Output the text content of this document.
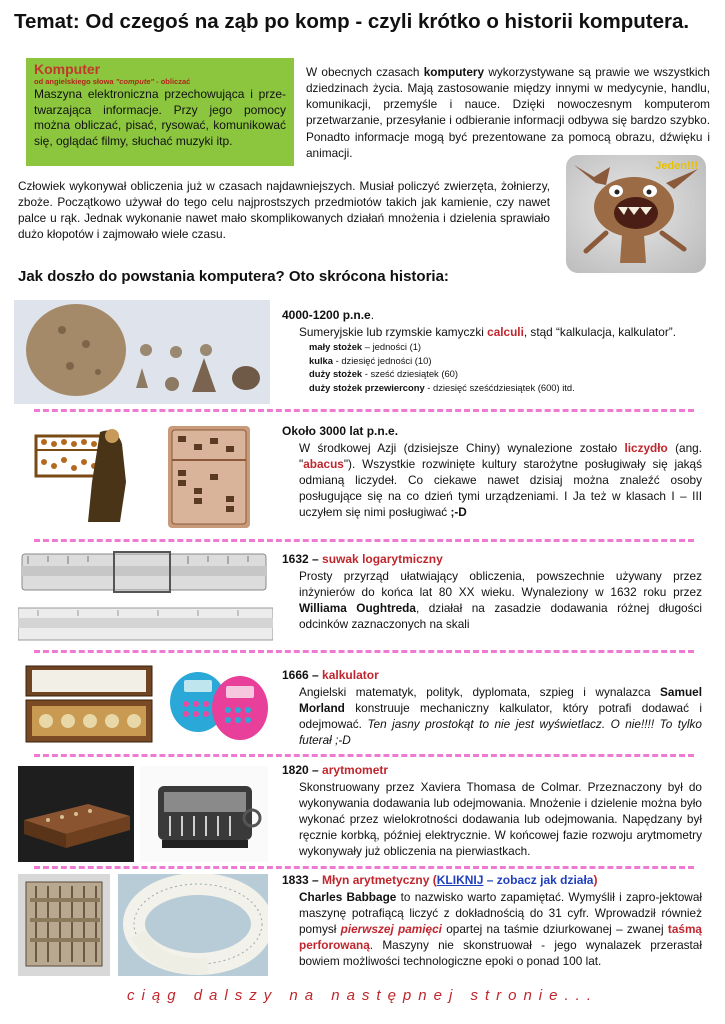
Temat: Od czegoś na ząb po komp - czyli krótko o historii komputera.
Komputer
od angielskiego słowa "compute" - obliczać
Maszyna elektroniczna przechowująca i prze-twarzająca informacje. Przy jego pomocy można obliczać, pisać, rysować, komunikować się, oglądać filmy, słuchać muzyki itp.
W obecnych czasach komputery wykorzystywane są prawie we wszystkich dziedzinach życia. Mają zastosowanie między innymi w medycynie, handlu, komunikacji, przemyśle i nauce. Dzięki nowoczesnym komputerom przetwarzanie, przesyłanie i odbieranie informacji odbywa się bardzo szybko. Ponadto informacje mogą być prezentowane za pomocą obrazu, dźwięku i animacji.
Człowiek wykonywał obliczenia już w czasach najdawniejszych. Musiał policzyć zwierzęta, żołnierzy, zboże. Początkowo używał do tego celu najprostszych przedmiotów takich jak kamienie, czy nawet palce u rąk. Jednak wykonanie nawet mało skomplikowanych działań mnożenia i dzielenia sprawiało dużo kłopotów i zajmowało wiele czasu.
Jeden!!!
Jak doszło do powstania komputera? Oto skrócona historia:
4000-1200 p.n.e.
Sumeryjskie lub rzymskie kamyczki calculi, stąd “kalkulacja, kalkulator”.
mały stożek – jedności (1)
kulka - dziesięć jedności (10)
duży stożek - sześć dziesiątek (60)
duży stożek przewiercony - dziesięć sześćdziesiątek (600) itd.
Około 3000 lat p.n.e.
W środkowej Azji (dzisiejsze Chiny) wynalezione zostało liczydło (ang. "abacus"). Wszystkie rozwinięte kultury starożytne posługiwały się jakąś odmianą liczydeł. Co ciekawe nawet dzisiaj można znaleźć osoby posługujące się na co dzień tymi urządzeniami. I Ja też w klasach I – III uczyłem się nimi posługiwać ;-D
1632 – suwak logarytmiczny
Prosty przyrząd ułatwiający obliczenia, powszechnie używany przez inżynierów do końca lat 80 XX wieku. Wynaleziony w 1632 roku przez Williama Oughtreda, działał na zasadzie dodawania różnej długości odcinków zaznaczonych na skali
1666 – kalkulator
Angielski matematyk, polityk, dyplomata, szpieg i wynalazca Samuel Morland konstruuje mechaniczny kalkulator, który potrafi dodawać i odejmować. Ten jasny prostokąt to nie jest wyświetlacz. O nie!!!! To tylko futerał ;-D
1820 – arytmometr
Skonstruowany przez Xaviera Thomasa de Colmar. Przeznaczony był do wykonywania dodawania lub odejmowania. Mnożenie i dzielenie można było wykonać przez wielokrotności dodawania lub odejmowania. Napędzany był ręcznie korbką, później elektrycznie. W końcowej fazie rozwoju arytmometry wykonywały już obliczenia na pierwiastkach.
1833 – Młyn arytmetyczny (KLIKNIJ – zobacz jak działa)
Charles Babbage to nazwisko warto zapamiętać. Wymyślił i zapro-jektował maszynę potrafiącą liczyć z dokładnością do 31 cyfr. Wprowadził również pomysł pierwszej pamięci opartej na taśmie dziurkowanej – zwanej taśmą perforowaną. Maszyny nie skonstruował - jego wynalazek przerastał bowiem możliwości technologiczne epoki o ponad 100 lat.
ciąg dalszy na następnej stronie...
